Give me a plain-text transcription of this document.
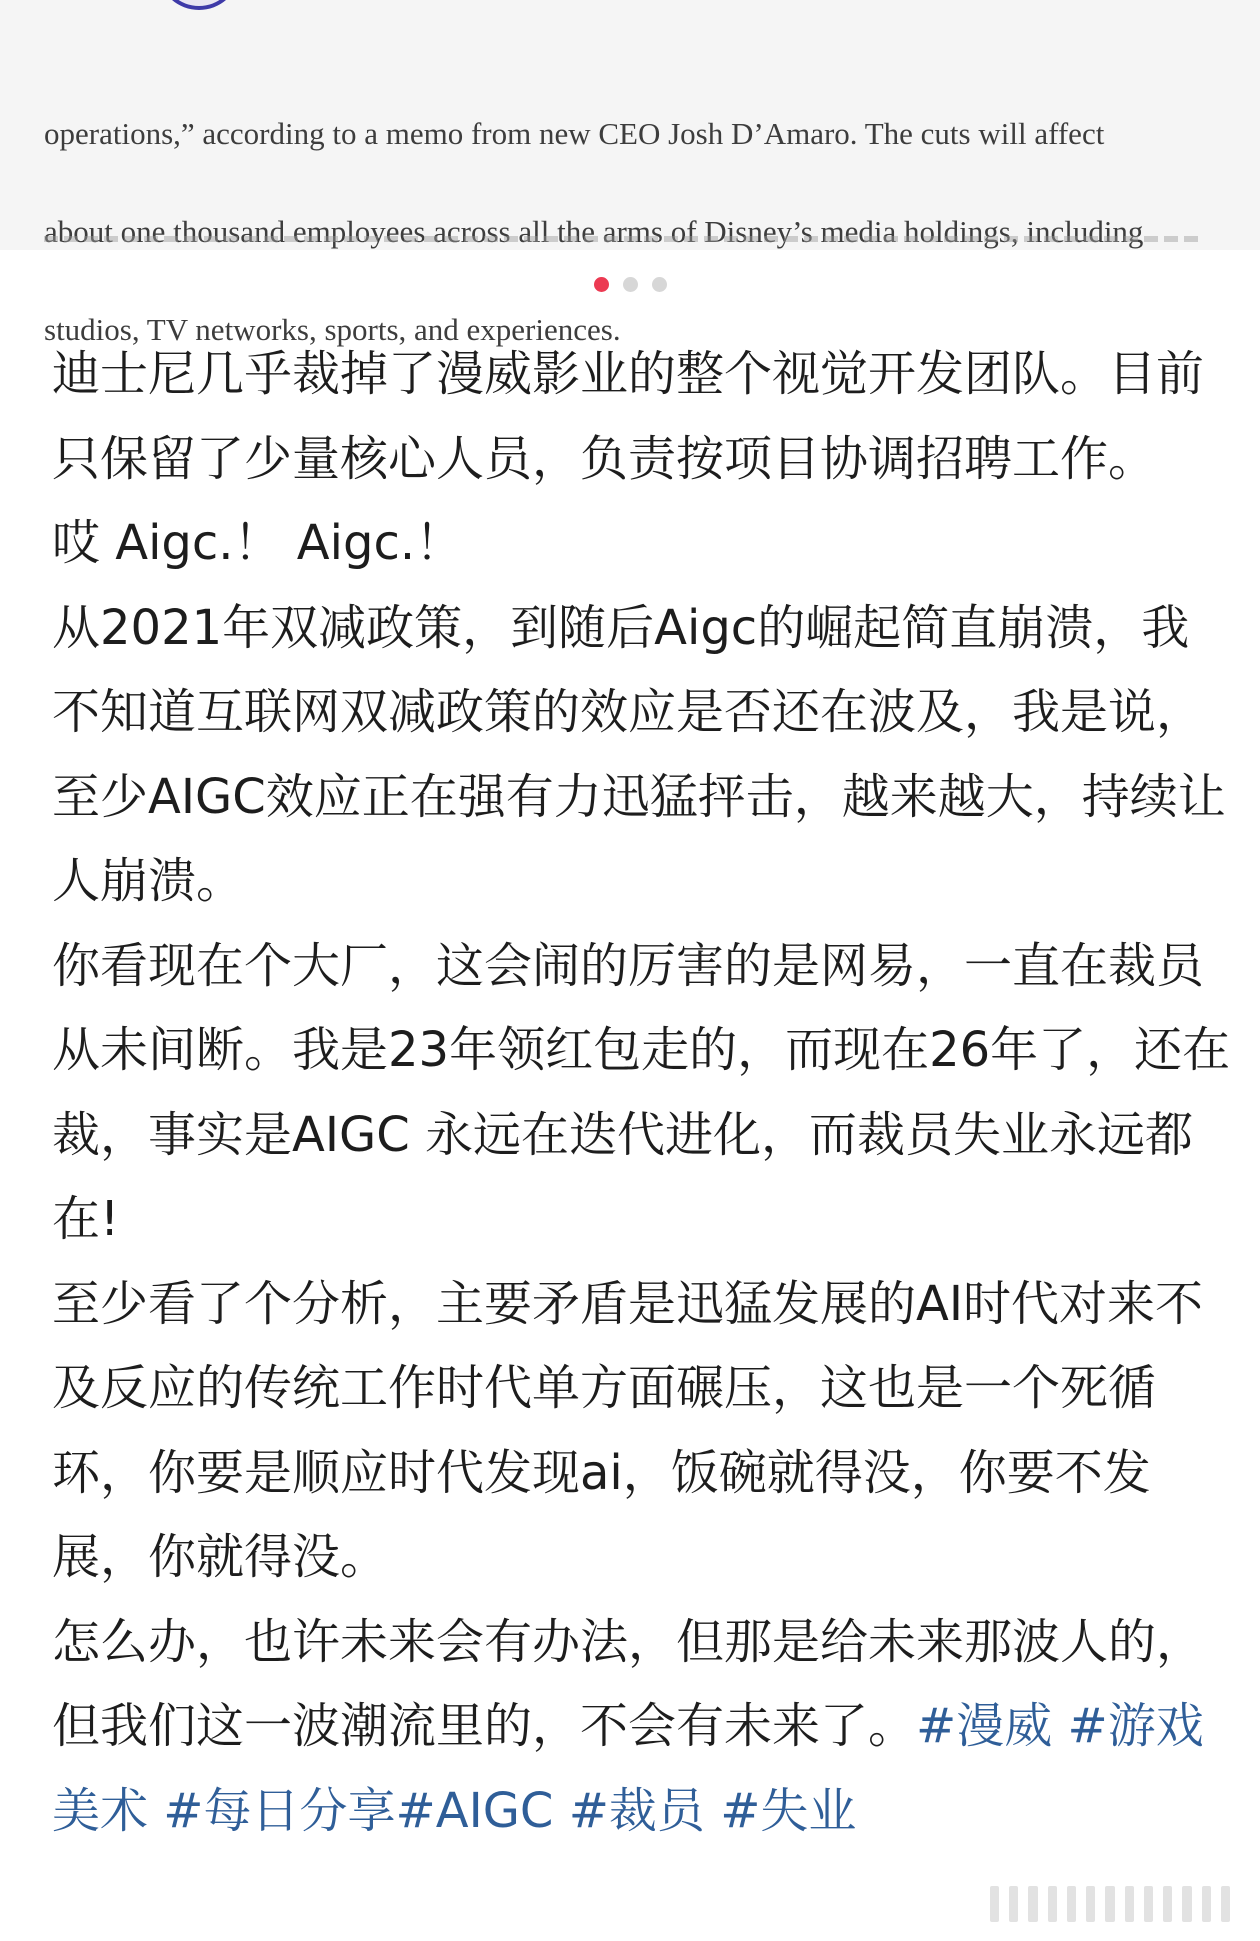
operations,” according to a memo from new CEO Josh D’Amaro. The cuts will affect

about one thousand employees across all the arms of Disney’s media holdings, including

studios, TV networks, sports, and experiences.

迪士尼几乎裁掉了漫威影业的整个视觉开发团队。目前只保留了少量核心人员，负责按项目协调招聘工作。

哎 Aigc.！ Aigc.！

从2021年双减政策，到随后Aigc的崛起简直崩溃，我不知道互联网双减政策的效应是否还在波及，我是说，至少AIGC效应正在强有力迅猛抨击，越来越大，持续让人崩溃。

你看现在个大厂，这会闹的厉害的是网易，一直在裁员从未间断。我是23年领红包走的，而现在26年了，还在裁，事实是AIGC 永远在迭代进化，而裁员失业永远都在!

至少看了个分析，主要矛盾是迅猛发展的AI时代对来不及反应的传统工作时代单方面碾压，这也是一个死循环，你要是顺应时代发现ai，饭碗就得没，你要不发展，你就得没。

怎么办，也许未来会有办法，但那是给未来那波人的，但我们这一波潮流里的，不会有未来了。#漫威 #游戏美术 #每日分享#AIGC #裁员 #失业
